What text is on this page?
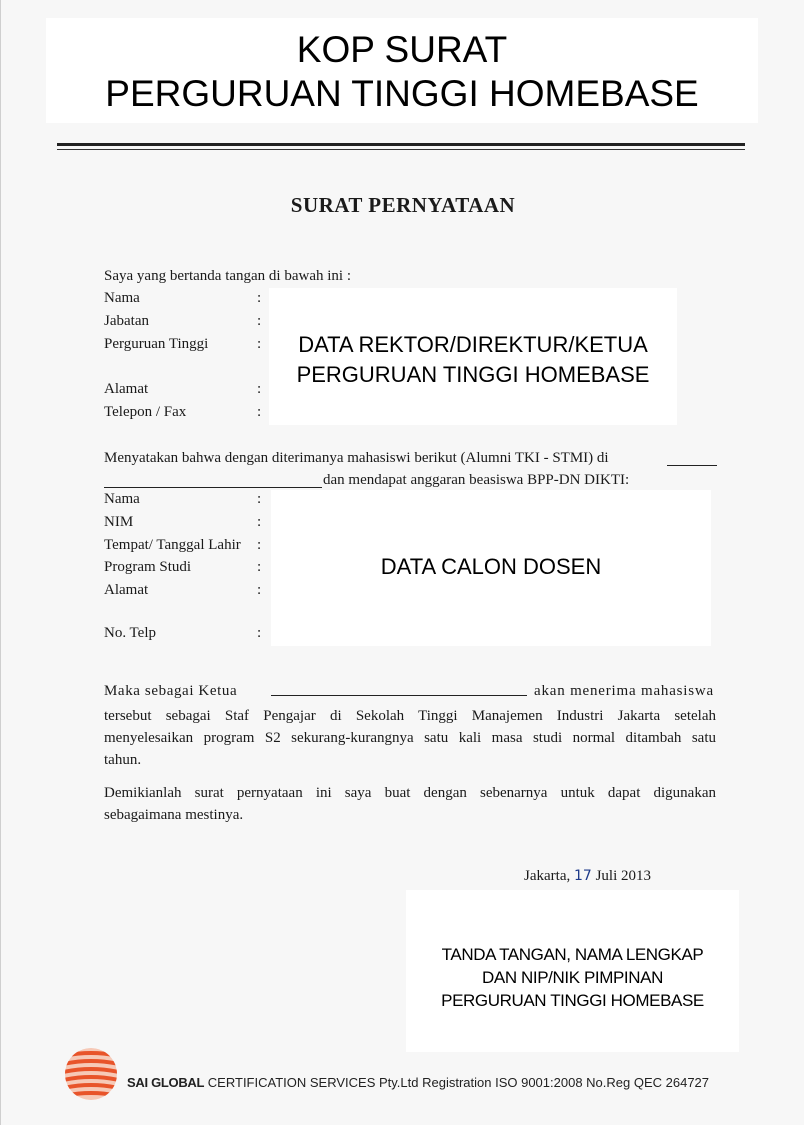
KOP SURAT
PERGURUAN TINGGI HOMEBASE
SURAT PERNYATAAN
Saya yang bertanda tangan di bawah ini :
Nama
Jabatan
Perguruan Tinggi
Alamat
Telepon / Fax
:
:
:
:
:
DATA REKTOR/DIREKTUR/KETUA
PERGURUAN TINGGI HOMEBASE
Menyatakan bahwa dengan diterimanya mahasiswi berikut (Alumni TKI - STMI) di
dan mendapat anggaran beasiswa BPP-DN DIKTI:
Nama
NIM
Tempat/ Tanggal Lahir
Program Studi
Alamat
No. Telp
:
:
:
:
:
:
DATA CALON DOSEN
Maka sebagai Ketua	akan menerima mahasiswa
tersebut sebagai Staf Pengajar di Sekolah Tinggi Manajemen Industri Jakarta setelah
menyelesaikan program S2 sekurang-kurangnya satu kali masa studi normal ditambah satu
tahun.
Demikianlah surat pernyataan ini saya buat dengan sebenarnya untuk dapat digunakan
sebagaimana mestinya.
Jakarta, 17 Juli 2013
TANDA TANGAN, NAMA LENGKAP
DAN NIP/NIK PIMPINAN
PERGURUAN TINGGI HOMEBASE
SAI GLOBAL CERTIFICATION SERVICES Pty.Ltd Registration ISO 9001:2008 No.Reg QEC 264727
